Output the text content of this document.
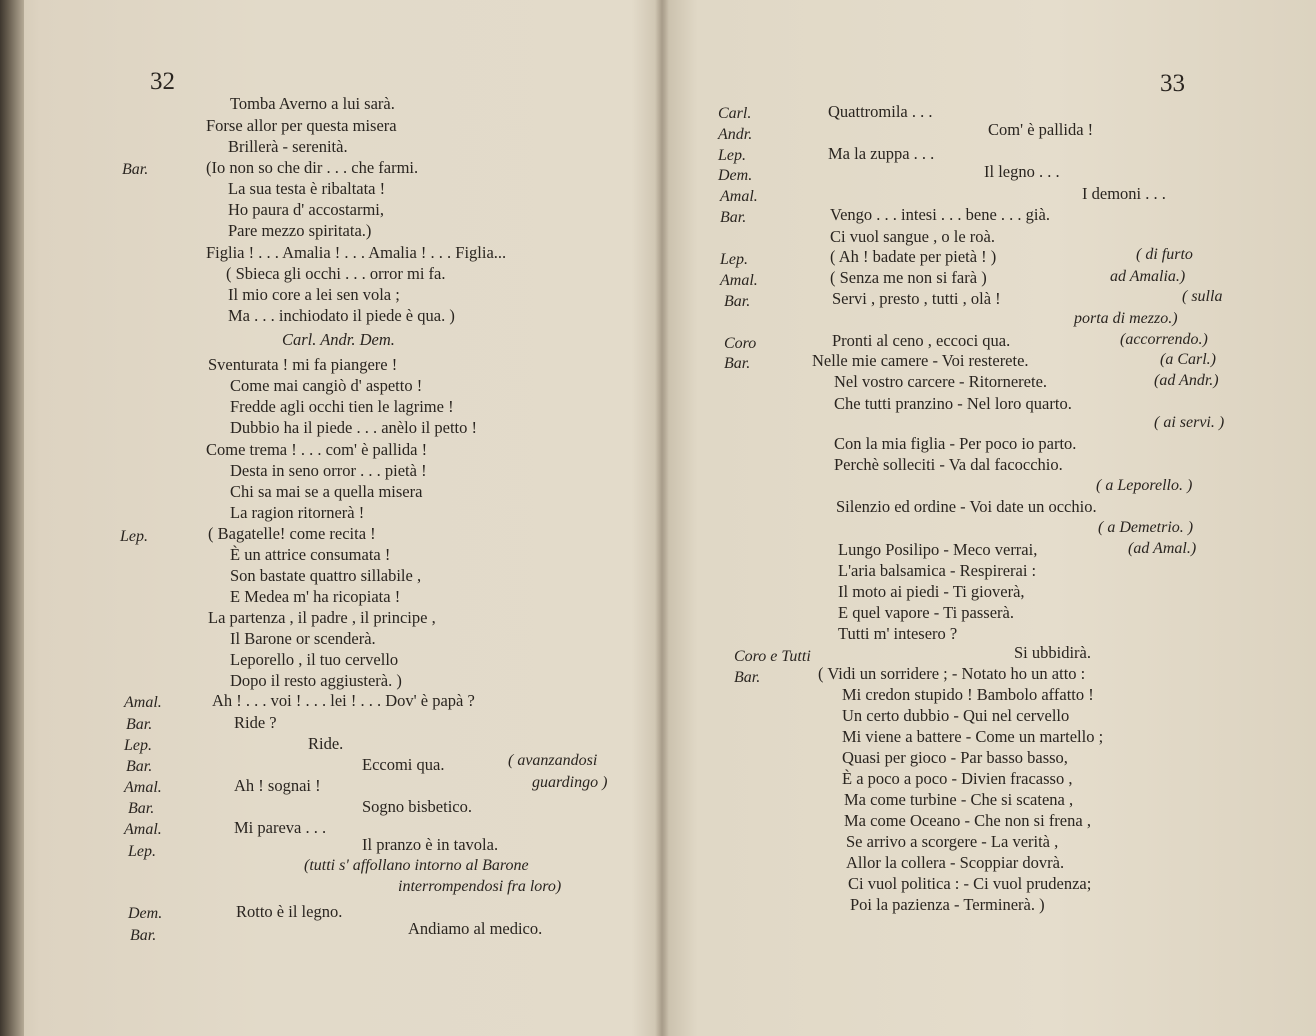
32
Tomba Averno a lui sarà.
Forse allor per questa misera
Brillerà - serenità.
Bar.	(Io non so che dir . . . che farmi.
La sua testa è ribaltata !
Ho paura d' accostarmi,
Pare mezzo spiritata.)
Figlia ! . . . Amalia ! . . . Amalia ! . . . Figlia...
( Sbieca gli occhi . . . orror mi fa.
Il mio core a lei sen vola ;
Ma . . . inchiodato il piede è qua. )
Carl. Andr. Dem.
Sventurata ! mi fa piangere !
Come mai cangiò d' aspetto !
Fredde agli occhi tien le lagrime !
Dubbio ha il piede . . . anèlo il petto !
Come trema ! . . . com' è pallida !
Desta in seno orror . . . pietà !
Chi sa mai se a quella misera
La ragion ritornerà !
Lep.	( Bagatelle! come recita !
È un attrice consumata !
Son bastate quattro sillabile ,
E Medea m' ha ricopiata !
La partenza , il padre , il principe ,
Il Barone or scenderà.
Leporello , il tuo cervello
Dopo il resto aggiusterà. )
Amal.	Ah ! . . . voi ! . . . lei ! . . . Dov' è papà ?
Bar.	Ride ?
Lep.	Ride.
Bar.	Eccomi qua.	( avanzandosi
Amal.	Ah ! sognai !	guardingo )
Bar.	Sogno bisbetico.
Amal.	Mi pareva . . .
Lep.	Il pranzo è in tavola.
(tutti s' affollano intorno al Barone
interrompendosi fra loro)
Dem.	Rotto è il legno.
Bar.	Andiamo al medico.
33
Carl.	Quattromila . . .
Andr.	Com' è pallida !
Lep.	Ma la zuppa . . .
Dem.	Il legno . . .
Amal.	I demoni . . .
Bar.	Vengo . . . intesi . . . bene . . . già.
Ci vuol sangue , o le roà.
Lep.	( Ah ! badate per pietà ! )	( di furto
Amal.	( Senza me non si farà )	ad Amalia.)
Bar.	Servi , presto , tutti , olà !	( sulla
porta di mezzo.)
Coro	Pronti al ceno , eccoci qua.	(accorrendo.)
Bar.	Nelle mie camere - Voi resterete.	(a Carl.)
Nel vostro carcere - Ritornerete.	(ad Andr.)
Che tutti pranzino - Nel loro quarto.
( ai servi. )
Con la mia figlia - Per poco io parto.
Perchè solleciti - Va dal facocchio.
( a Leporello. )
Silenzio ed ordine - Voi date un occhio.
( a Demetrio. )
Lungo Posilipo - Meco verrai,	(ad Amal.)
L'aria balsamica - Respirerai :
Il moto ai piedi - Ti gioverà,
E quel vapore - Ti passerà.
Tutti m' intesero ?
Coro e Tutti	Si ubbidirà.
Bar.	( Vidi un sorridere ; - Notato ho un atto :
Mi credon stupido ! Bambolo affatto !
Un certo dubbio - Qui nel cervello
Mi viene a battere - Come un martello ;
Quasi per gioco - Par basso basso,
È a poco a poco - Divien fracasso ,
Ma come turbine - Che si scatena ,
Ma come Oceano - Che non si frena ,
Se arrivo a scorgere - La verità ,
Allor la collera - Scoppiar dovrà.
Ci vuol politica : - Ci vuol prudenza;
Poi la pazienza - Terminerà. )
